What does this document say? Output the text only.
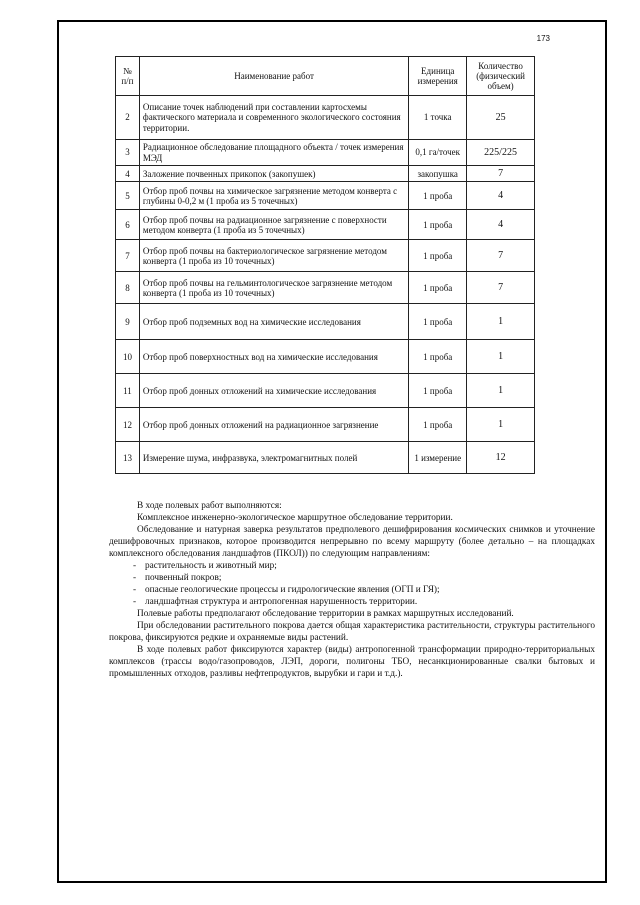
173
№ п/п	Наименование работ	Единица измерения	Количество (физический объем)
2	Описание точек наблюдений при составлении картосхемы фактического материала и современного экологического состояния территории.	1 точка	25
3	Радиационное обследование площадного объекта / точек измерения МЭД	0,1 га/точек	225/225
4	Заложение почвенных прикопок (закопушек)	закопушка	7
5	Отбор проб почвы на химическое загрязнение методом конверта с глубины 0-0,2 м (1 проба из 5 точечных)	1 проба	4
6	Отбор проб почвы на радиационное загрязнение с поверхности методом конверта (1 проба из 5 точечных)	1 проба	4
7	Отбор проб почвы на бактериологическое загрязнение методом конверта (1 проба из 10 точечных)	1 проба	7
8	Отбор проб почвы на гельминтологическое загрязнение методом конверта (1 проба из 10 точечных)	1 проба	7
9	Отбор проб подземных вод на химические исследования	1 проба	1
10	Отбор проб поверхностных вод на химические исследования	1 проба	1
11	Отбор проб донных отложений на химические исследования	1 проба	1
12	Отбор проб донных отложений на радиационное загрязнение	1 проба	1
13	Измерение шума, инфразвука, электромагнитных полей	1 измерение	12

В ходе полевых работ выполняются:

Комплексное инженерно-экологическое маршрутное обследование территории.

Обследование и натурная заверка результатов предполевого дешифрирования космических снимков и уточнение дешифровочных признаков, которое производится непрерывно по всему маршруту (более детально – на площадках комплексного обследования ландшафтов (ПКОЛ)) по следующим направлениям:

- растительность и животный мир;
- почвенный покров;
- опасные геологические процессы и гидрологические явления (ОГП и ГЯ);
- ландшафтная структура и антропогенная нарушенность территории.

Полевые работы предполагают обследование территории в рамках маршрутных исследований.

При обследовании растительного покрова дается общая характеристика растительности, структуры растительного покрова, фиксируются редкие и охраняемые виды растений.

В ходе полевых работ фиксируются характер (виды) антропогенной трансформации природно-территориальных комплексов (трассы водо/газопроводов, ЛЭП, дороги, полигоны ТБО, несанкционированные свалки бытовых и промышленных отходов, разливы нефтепродуктов, вырубки и гари и т.д.).
